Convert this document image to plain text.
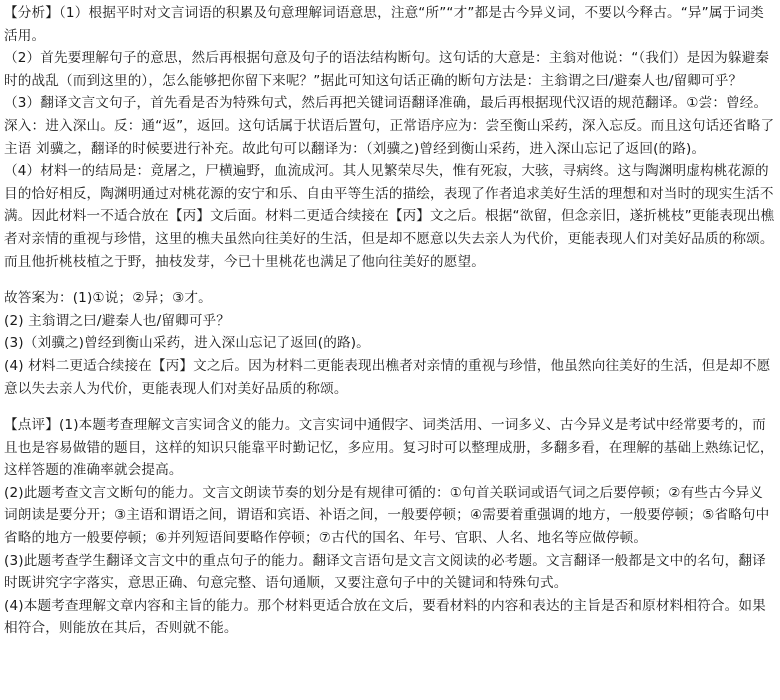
【分析】（1）根据平时对文言词语的积累及句意理解词语意思，注意“所”“才”都是古今异义词，不要以今释古。“异”属于词类活用。

（2）首先要理解句子的意思，然后再根据句意及句子的语法结构断句。这句话的大意是：主翁对他说：“（我们）是因为躲避秦时的战乱（而到这里的），怎么能够把你留下来呢？”据此可知这句话正确的断句方法是：主翁谓之曰/避秦人也/留卿可乎？

（3）翻译文言文句子，首先看是否为特殊句式，然后再把关键词语翻译准确，最后再根据现代汉语的规范翻译。①尝：曾经。深入：进入深山。反：通“返”，返回。这句话属于状语后置句，正常语序应为：尝至衡山采药，深入忘反。而且这句话还省略了主语 刘骥之，翻译的时候要进行补充。故此句可以翻译为：（刘骥之)曾经到衡山采药，进入深山忘记了返回(的路)。

（4）材料一的结局是：竟屠之，尸横遍野，血流成河。其人见繁荣尽失，惟有死寂，大骇，寻病终。这与陶渊明虚构桃花源的目的恰好相反，陶渊明通过对桃花源的安宁和乐、自由平等生活的描绘，表现了作者追求美好生活的理想和对当时的现实生活不满。因此材料一不适合放在【丙】文后面。材料二更适合续接在【丙】文之后。根据“欲留，但念亲旧，遂折桃枝”更能表现出樵者对亲情的重视与珍惜，这里的樵夫虽然向往美好的生活，但是却不愿意以失去亲人为代价，更能表现人们对美好品质的称颂。而且他折桃枝植之于野，抽枝发芽，今已十里桃花也满足了他向往美好的愿望。

故答案为：(1)①说；②异；③才。

(2) 主翁谓之曰/避秦人也/留卿可乎？

(3)（刘骥之)曾经到衡山采药，进入深山忘记了返回(的路)。

(4) 材料二更适合续接在【丙】文之后。因为材料二更能表现出樵者对亲情的重视与珍惜，他虽然向往美好的生活，但是却不愿意以失去亲人为代价，更能表现人们对美好品质的称颂。

【点评】(1)本题考查理解文言实词含义的能力。文言实词中通假字、词类活用、一词多义、古今异义是考试中经常要考的，而且也是容易做错的题目，这样的知识只能靠平时勤记忆，多应用。复习时可以整理成册，多翻多看，在理解的基础上熟练记忆，这样答题的准确率就会提高。

(2)此题考查文言文断句的能力。文言文朗读节奏的划分是有规律可循的：①句首关联词或语气词之后要停顿；②有些古今异义词朗读是要分开；③主语和谓语之间，谓语和宾语、补语之间，一般要停顿；④需要着重强调的地方，一般要停顿；⑤省略句中省略的地方一般要停顿；⑥并列短语间要略作停顿；⑦古代的国名、年号、官职、人名、地名等应做停顿。

(3)此题考查学生翻译文言文中的重点句子的能力。翻译文言语句是文言文阅读的必考题。文言翻译一般都是文中的名句，翻译时既讲究字字落实，意思正确、句意完整、语句通顺，又要注意句子中的关键词和特殊句式。

(4)本题考查理解文章内容和主旨的能力。那个材料更适合放在文后，要看材料的内容和表达的主旨是否和原材料相符合。如果相符合，则能放在其后，否则就不能。
